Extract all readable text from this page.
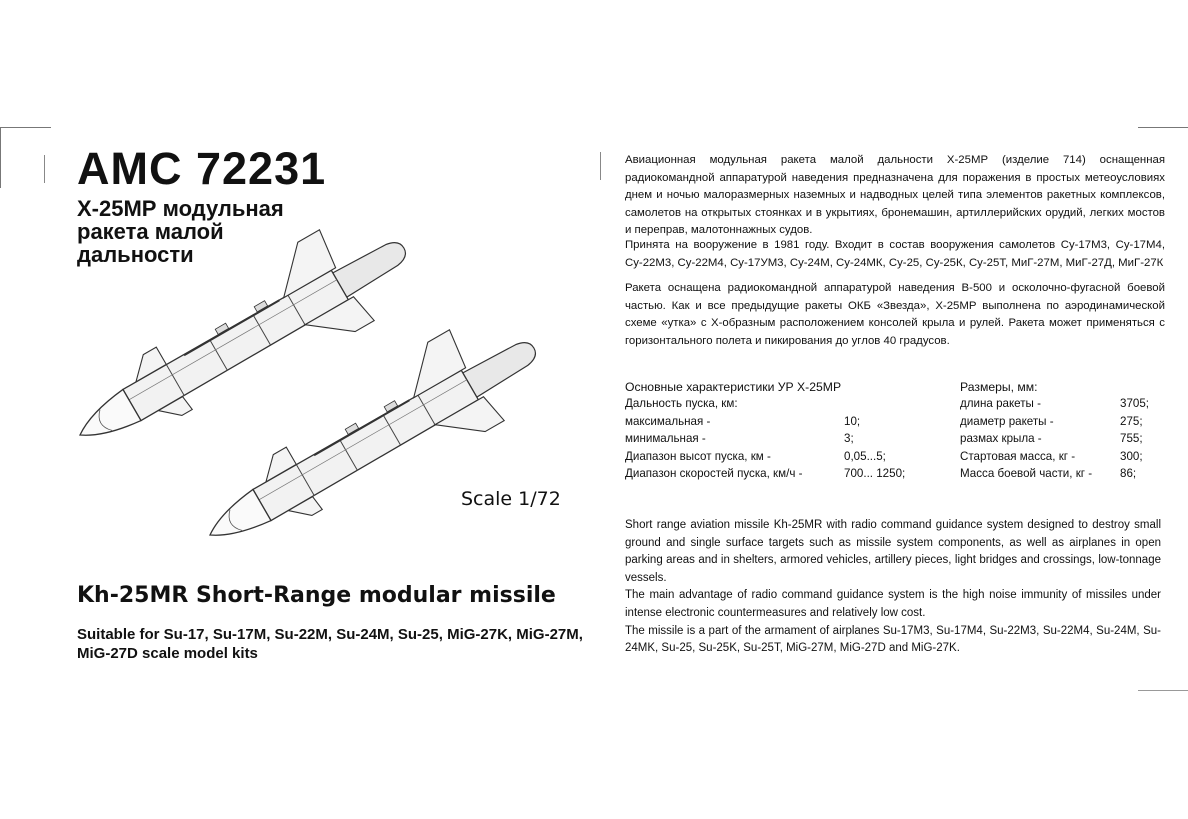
AMC 72231
Х-25МР модульная
ракета малой
дальности
Scale 1/72
Kh-25MR Short-Range modular missile
Suitable for Su-17, Su-17M, Su-22M, Su-24M, Su-25, MiG-27K, MiG-27M, MiG-27D scale model kits
Авиационная модульная ракета малой дальности Х-25МР (изделие 714) оснащенная радиокомандной аппаратурой наведения предназначена для поражения в простых метеоусловиях днем и ночью малоразмерных наземных и надводных целей типа элементов ракетных комплексов, самолетов на открытых стоянках и в укрытиях, бронемашин, артиллерийских орудий, легких мостов и переправ, малотоннажных судов.
Принята на вооружение в 1981 году. Входит в состав вооружения самолетов Су-17М3, Су-17М4, Су-22М3, Су-22М4, Су-17УМ3, Су-24М, Су-24МК, Су-25, Су-25К, Су-25Т, МиГ-27М, МиГ-27Д, МиГ-27К
Ракета оснащена радиокомандной аппаратурой наведения В-500 и осколочно-фугасной боевой частью. Как и все предыдущие ракеты ОКБ «Звезда», Х-25МР выполнена по аэродинамической схеме «утка» с Х-образным расположением консолей крыла и рулей. Ракета может применяться с горизонтального полета и пикирования до углов 40 градусов.
Основные характеристики УР Х-25МР
Дальность пуска, км:
максимальная -	10;
минимальная -	3;
Диапазон высот пуска, км -	0,05...5;
Диапазон скоростей пуска, км/ч -	700... 1250;
Размеры, мм:
длина ракеты -	3705;
диаметр ракеты -	275;
размах крыла -	755;
Стартовая масса, кг -	300;
Масса боевой части, кг - 86;
Short range aviation missile Kh-25MR with radio command guidance system designed to destroy small ground and single surface targets such as missile system components, as well as airplanes in open parking areas and in shelters, armored vehicles, artillery pieces, light bridges and crossings, low-tonnage vessels.
The main advantage of radio command guidance system is the high noise immunity of missiles under intense electronic countermeasures and relatively low cost.
The missile is a part of the armament of airplanes Su-17M3, Su-17M4, Su-22M3, Su-22M4, Su-24M, Su-24MK, Su-25, Su-25K, Su-25T, MiG-27M, MiG-27D and MiG-27K.
